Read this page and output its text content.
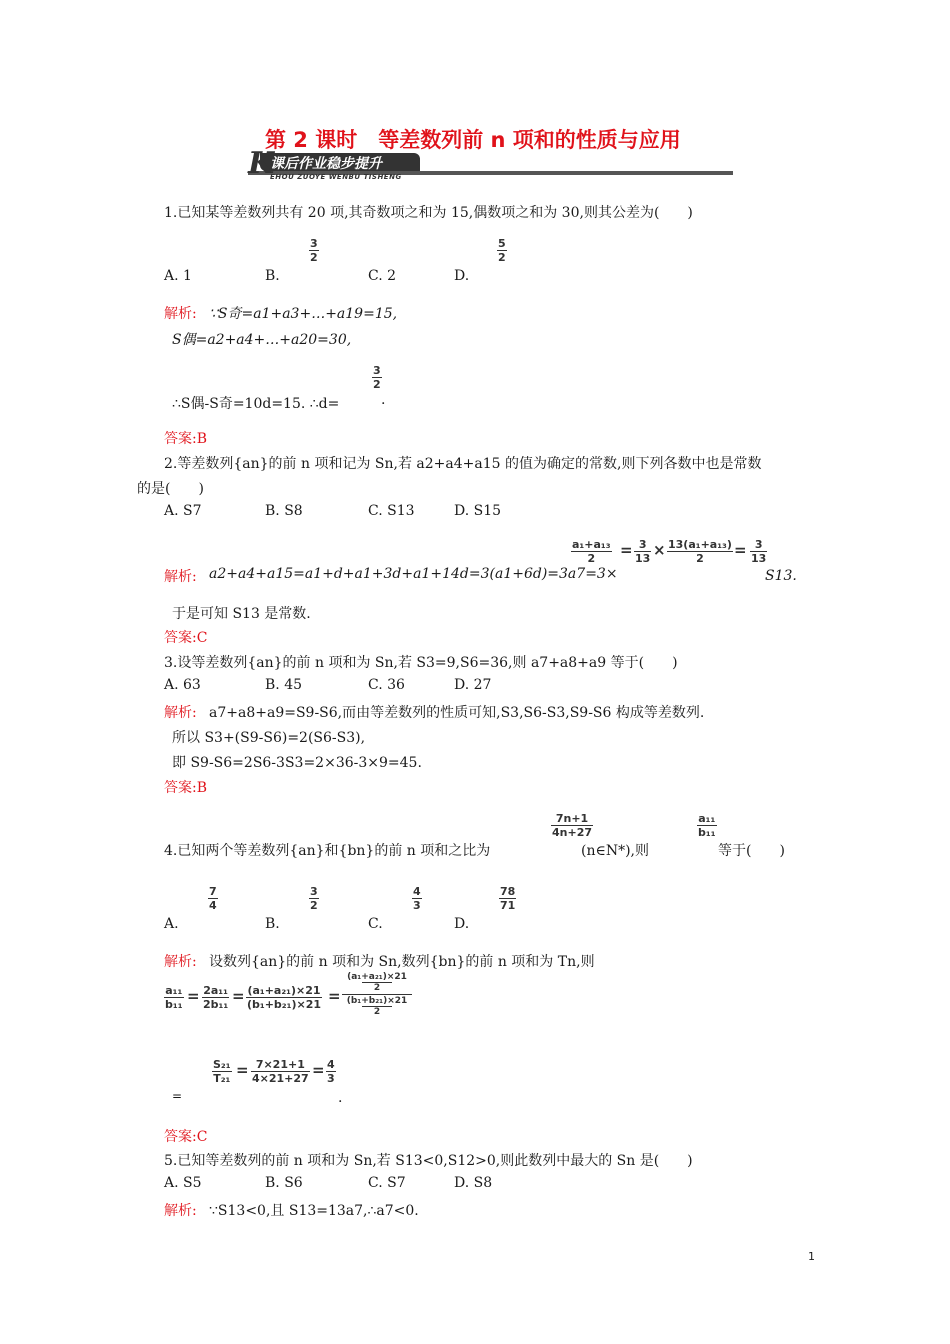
第 2 课时　等差数列前 n 项和的性质与应用
K
课后作业稳步提升
EHOU ZUOYE WENBU TISHENG
1.已知某等差数列共有 20 项,其奇数项之和为 15,偶数项之和为 30,则其公差为(　　)
$\frac{3}{2}$	$\frac{5}{2}$
A. 1	B.	C. 2	D.
解析: ∵S奇=a1+a3+…+a19=15,
S偶=a2+a4+…+a20=30,
$\frac{3}{2}$
∴S偶-S奇=10d=15. ∴d=	.
答案:B
2.等差数列{an}的前 n 项和记为 Sn,若 a2+a4+a15 的值为确定的常数,则下列各数中也是常数
的是(　　)
A. S7	B. S8	C. S13	D. S15
解析: a2+a4+a15=a1+d+a1+3d+a1+14d=3(a1+6d)=3a7=3×
$\frac{\text{a₁+a₁₃}}{2} = \frac{3}{13} \times \frac{\text{13(a₁+a₁₃)}}{2} = \frac{3}{13}$
S13.
于是可知 S13 是常数.
答案:C
3.设等差数列{an}的前 n 项和为 Sn,若 S3=9,S6=36,则 a7+a8+a9 等于(　　)
A. 63	B. 45	C. 36	D. 27
解析: a7+a8+a9=S9-S6,而由等差数列的性质可知,S3,S6-S3,S9-S6 构成等差数列.
所以 S3+(S9-S6)=2(S6-S3),
即 S9-S6=2S6-3S3=2×36-3×9=45.
答案:B
$\frac{7n+1}{4n+27}$	$\frac{\text{a₁₁}}{\text{b₁₁}}$
4.已知两个等差数列{an}和{bn}的前 n 项和之比为	(n∈N*),则	等于(　　)
$\frac{7}{4}$	$\frac{3}{2}$	$\frac{4}{3}$	$\frac{78}{71}$
A.	B.	C.	D.
解析: 设数列{an}的前 n 项和为 Sn,数列{bn}的前 n 项和为 Tn,则
$\frac{\text{a₁₁}}{\text{b₁₁}} = \frac{\text{2a₁₁}}{\text{2b₁₁}} = \frac{\text{(a₁+a₂₁)×21}}{\text{(b₁+b₂₁)×21}}$ =
(a₁+a₂₁)×21
2
(b₁+b₂₁)×21
2
=
$\frac{\text{S₂₁}}{\text{T₂₁}} = \frac{7\times 21+1}{4\times 21+27} = \frac{4}{3}$
.
答案:C
5.已知等差数列的前 n 项和为 Sn,若 S13<0,S12>0,则此数列中最大的 Sn 是(　　)
A. S5	B. S6	C. S7	D. S8
解析: ∵S13<0,且 S13=13a7,∴a7<0.
1
